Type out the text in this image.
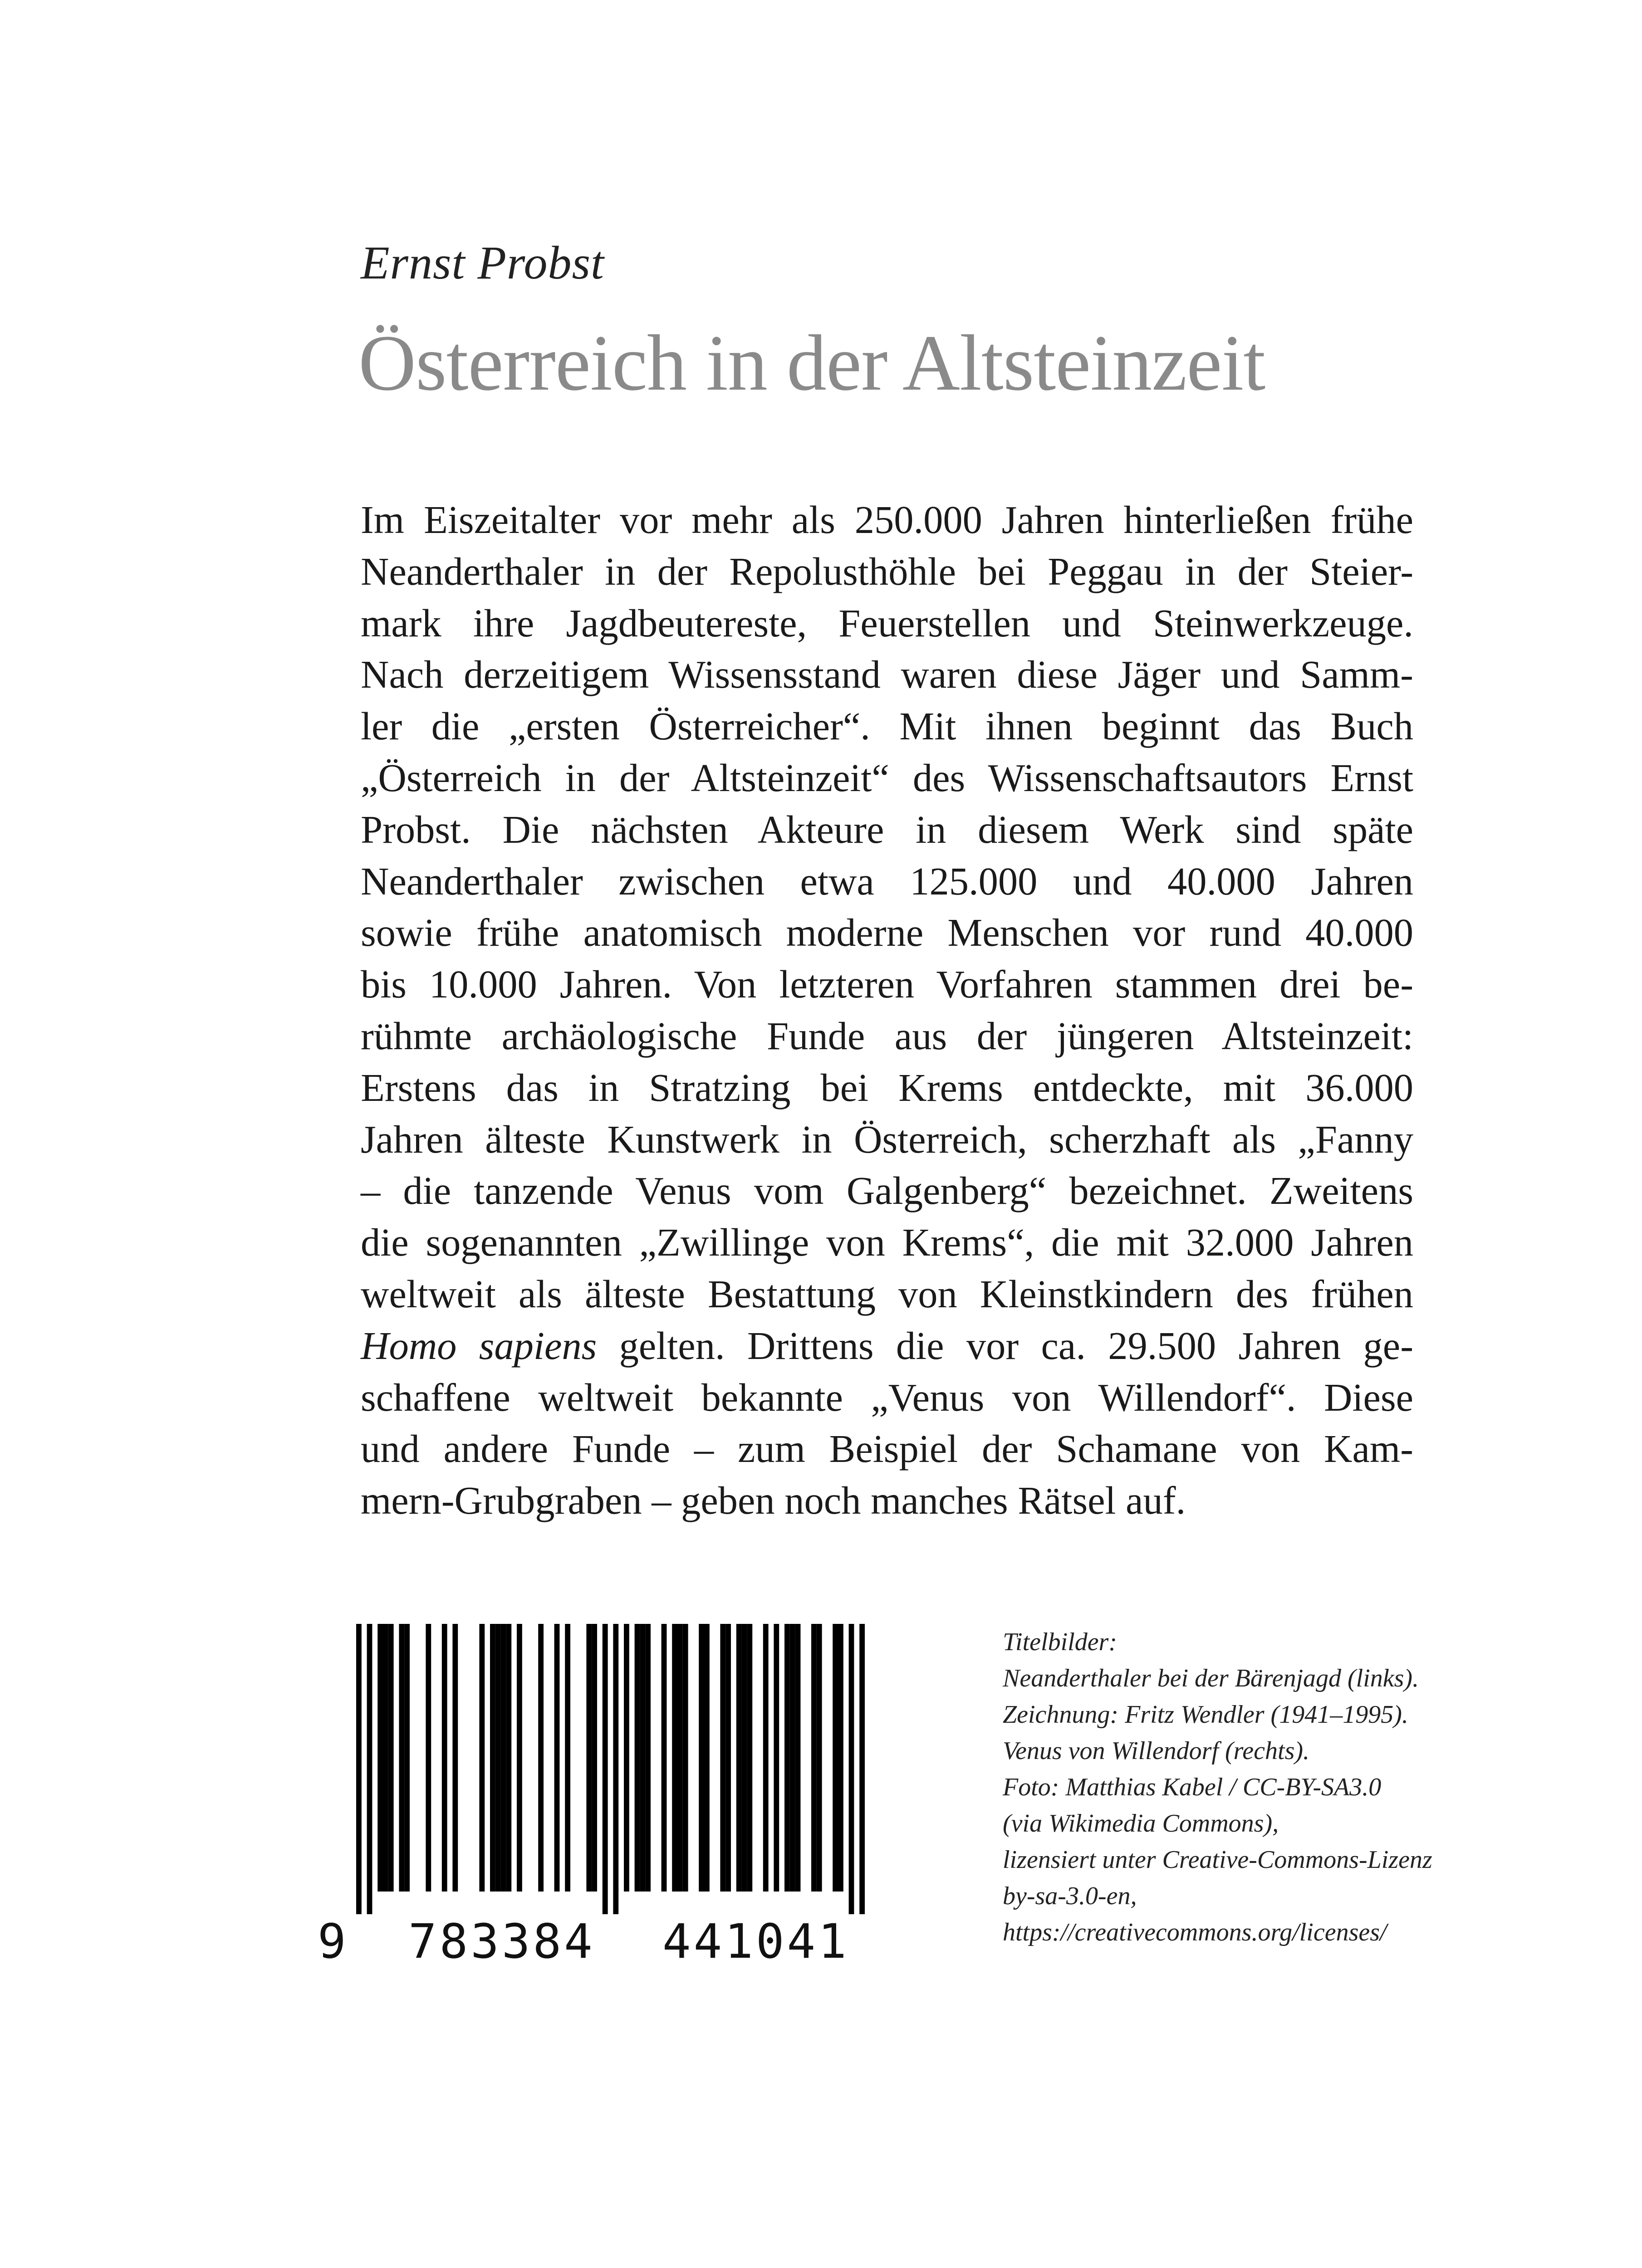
Ernst Probst
Österreich in der Altsteinzeit
Im Eiszeitalter vor mehr als 250.000 Jahren hinterließen frühe
Neanderthaler in der Repolusthöhle bei Peggau in der Steier-
mark ihre Jagdbeutereste, Feuerstellen und Steinwerkzeuge.
Nach derzeitigem Wissensstand waren diese Jäger und Samm-
ler die „ersten Österreicher“. Mit ihnen beginnt das Buch
„Österreich in der Altsteinzeit“ des Wissenschaftsautors Ernst
Probst. Die nächsten Akteure in diesem Werk sind späte
Neanderthaler zwischen etwa 125.000 und 40.000 Jahren
sowie frühe anatomisch moderne Menschen vor rund 40.000
bis 10.000 Jahren. Von letzteren Vorfahren stammen drei be-
rühmte archäologische Funde aus der jüngeren Altsteinzeit:
Erstens das in Stratzing bei Krems entdeckte, mit 36.000
Jahren älteste Kunstwerk in Österreich, scherzhaft als „Fanny
– die tanzende Venus vom Galgenberg“ bezeichnet. Zweitens
die sogenannten „Zwillinge von Krems“, die mit 32.000 Jahren
weltweit als älteste Bestattung von Kleinstkindern des frühen
Homo sapiens gelten. Drittens die vor ca. 29.500 Jahren ge-
schaffene weltweit bekannte „Venus von Willendorf“. Diese
und andere Funde – zum Beispiel der Schamane von Kam-
mern-Grubgraben – geben noch manches Rätsel auf.
9 783384 441041
Titelbilder:
Neanderthaler bei der Bärenjagd (links).
Zeichnung: Fritz Wendler (1941–1995).
Venus von Willendorf (rechts).
Foto: Matthias Kabel / CC-BY-SA3.0
(via Wikimedia Commons),
lizensiert unter Creative-Commons-Lizenz
by-sa-3.0-en,
https://creativecommons.org/licenses/
